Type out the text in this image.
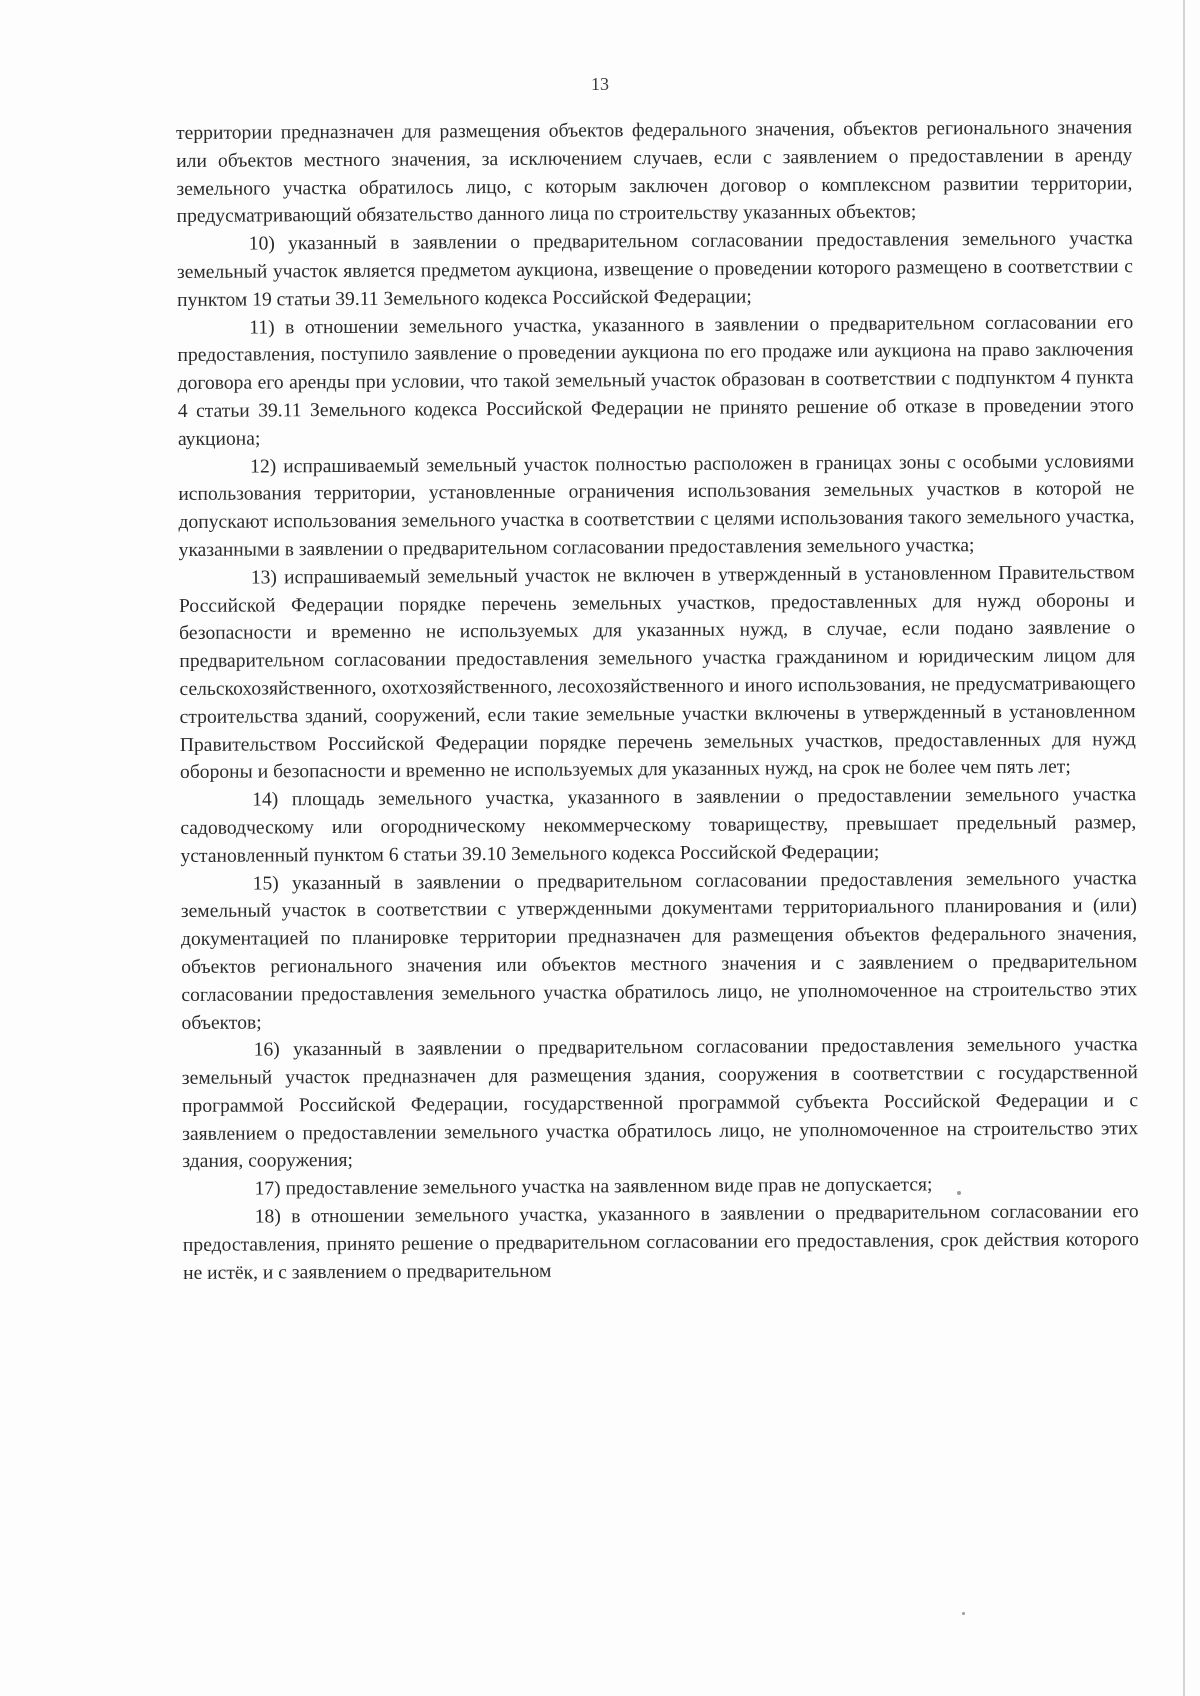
13

территории предназначен для размещения объектов федерального значения, объектов регионального значения или объектов местного значения, за исключением случаев, если с заявлением о предоставлении в аренду земельного участка обратилось лицо, с которым заключен договор о комплексном развитии территории, предусматривающий обязательство данного лица по строительству указанных объектов;

10) указанный в заявлении о предварительном согласовании предоставления земельного участка земельный участок является предметом аукциона, извещение о проведении которого размещено в соответствии с пунктом 19 статьи 39.11 Земельного кодекса Российской Федерации;

11) в отношении земельного участка, указанного в заявлении о предварительном согласовании его предоставления, поступило заявление о проведении аукциона по его продаже или аукциона на право заключения договора его аренды при условии, что такой земельный участок образован в соответствии с подпунктом 4 пункта 4 статьи 39.11 Земельного кодекса Российской Федерации не принято решение об отказе в проведении этого аукциона;

12) испрашиваемый земельный участок полностью расположен в границах зоны с особыми условиями использования территории, установленные ограничения использования земельных участков в которой не допускают использования земельного участка в соответствии с целями использования такого земельного участка, указанными в заявлении о предварительном согласовании предоставления земельного участка;

13) испрашиваемый земельный участок не включен в утвержденный в установленном Правительством Российской Федерации порядке перечень земельных участков, предоставленных для нужд обороны и безопасности и временно не используемых для указанных нужд, в случае, если подано заявление о предварительном согласовании предоставления земельного участка гражданином и юридическим лицом для сельскохозяйственного, охотхозяйственного, лесохозяйственного и иного использования, не предусматривающего строительства зданий, сооружений, если такие земельные участки включены в утвержденный в установленном Правительством Российской Федерации порядке перечень земельных участков, предоставленных для нужд обороны и безопасности и временно не используемых для указанных нужд, на срок не более чем пять лет;

14) площадь земельного участка, указанного в заявлении о предоставлении земельного участка садоводческому или огородническому некоммерческому товариществу, превышает предельный размер, установленный пунктом 6 статьи 39.10 Земельного кодекса Российской Федерации;

15) указанный в заявлении о предварительном согласовании предоставления земельного участка земельный участок в соответствии с утвержденными документами территориального планирования и (или) документацией по планировке территории предназначен для размещения объектов федерального значения, объектов регионального значения или объектов местного значения и с заявлением о предварительном согласовании предоставления земельного участка обратилось лицо, не уполномоченное на строительство этих объектов;

16) указанный в заявлении о предварительном согласовании предоставления земельного участка земельный участок предназначен для размещения здания, сооружения в соответствии с государственной программой Российской Федерации, государственной программой субъекта Российской Федерации и с заявлением о предоставлении земельного участка обратилось лицо, не уполномоченное на строительство этих здания, сооружения;

17) предоставление земельного участка на заявленном виде прав не допускается;

18) в отношении земельного участка, указанного в заявлении о предварительном согласовании его предоставления, принято решение о предварительном согласовании его предоставления, срок действия которого не истёк, и с заявлением о предварительном
